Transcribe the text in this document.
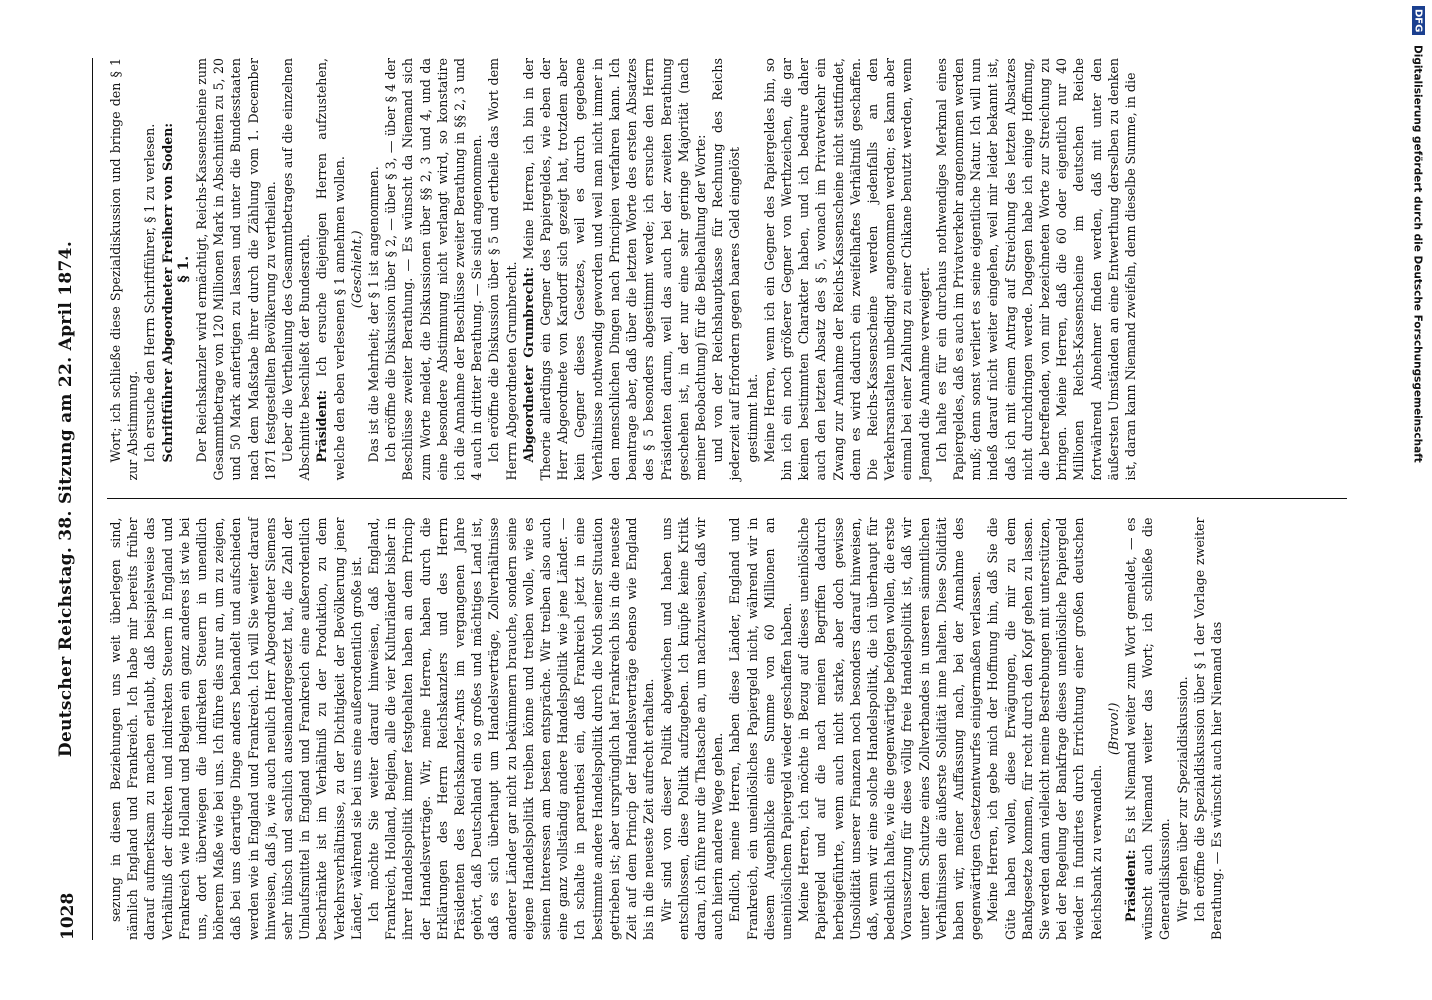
1028
Deutscher Reichstag. 38. Sitzung am 22. April 1874.	sezung in diesen Beziehungen uns weit überlegen sind, nämlich England und Frankreich. Ich habe mir bereits früher darauf aufmerksam zu machen erlaubt, daß beispielsweise das Verhältniß der direkten und indirekten Steuern in England und Frankreich wie Holland und Belgien ein ganz anderes ist wie bei uns, dort überwiegen die indirekten Steuern in unendlich höherem Maße wie bei uns. Ich führe dies nur an, um zu zeigen, daß bei uns derartige Dinge anders behandelt und aufschieden werden wie in England und Frankreich. Ich will Sie weiter darauf hinweisen, daß ja, wie auch neulich Herr Abgeordneter Siemens sehr hübsch und sachlich auseinandergesetzt hat, die Zahl der Umlaufsmittel in England und Frankreich eine außerordentlich beschränkte ist im Verhältniß zu der Produktion, zu dem Verkehrsverhältnisse, zu der Dichtigkeit der Bevölkerung jener Länder, während sie bei uns eine außerordentlich große ist. Ich möchte Sie weiter darauf hinweisen, daß England, Frankreich, Holland, Belgien, alle die vier Kulturländer bisher in ihrer Handelspolitik immer festgehalten haben an dem Princip der Handelsverträge. Wir, meine Herren, haben durch die Erklärungen des Herrn Reichskanzlers und des Herrn Präsidenten des Reichskanzler-Amts im vergangenen Jahre gehört, daß Deutschland ein so großes und mächtiges Land ist, daß es sich überhaupt um Handelsverträge, Zollverhältnisse anderer Länder gar nicht zu bekümmern brauche, sondern seine eigene Handelspolitik treiben könne und treiben wolle, wie es seinen Interessen am besten entspräche. Wir treiben also auch eine ganz vollständig andere Handelspolitik wie jene Länder. — Ich schalte in parenthesi ein, daß Frankreich jetzt in eine bestimmte andere Handelspolitik durch die Noth seiner Situation getrieben ist; aber ursprünglich hat Frankreich bis in die neueste Zeit auf dem Princip der Handelsverträge ebenso wie England bis in die neueste Zeit aufrecht erhalten. Wir sind von dieser Politik abgewichen und haben uns entschlossen, diese Politik aufzugeben. Ich knüpfe keine Kritik daran, ich führe nur die Thatsache an, um nachzuweisen, daß wir auch hierin andere Wege gehen. Endlich, meine Herren, haben diese Länder, England und Frankreich, ein uneinlösliches Papiergeld nicht, während wir in diesem Augenblicke eine Summe von 60 Millionen an uneinlöslichem Papiergeld wieder geschaffen haben. Meine Herren, ich möchte in Bezug auf dieses uneinlösliche Papiergeld und auf die nach meinen Begriffen dadurch herbeigeführte, wenn auch nicht starke, aber doch gewisse Unsolidität unserer Finanzen noch besonders darauf hinweisen, daß, wenn wir eine solche Handelspolitik, die ich überhaupt für bedenklich halte, wie die gegenwärtige befolgen wollen, die erste Voraussetzung für diese völlig freie Handelspolitik ist, daß wir unter dem Schutze eines Zollverbandes in unseren sämmtlichen Verhältnissen die äußerste Solidität inne halten. Diese Solidität haben wir, meiner Auffassung nach, bei der Annahme des gegenwärtigen Gesetzentwurfes einigermaßen verlassen. Meine Herren, ich gebe mich der Hoffnung hin, daß Sie die Güte haben wollen, diese Erwägungen, die mir zu dem Bankgesetze kommen, für recht durch den Kopf gehen zu lassen. Sie werden dann vielleicht meine Bestrebungen mit unterstützen, bei der Regelung der Bankfrage dieses uneinlösliche Papiergeld wieder in fundirtes durch Errichtung einer großen deutschen Reichsbank zu verwandeln.

(Bravo!)

Präsident: Es ist Niemand weiter zum Wort gemeldet, — es wünscht auch Niemand weiter das Wort; ich schließe die Generaldiskussion. Wir gehen über zur Spezialdiskussion. Ich eröffne die Spezialdiskussion über § 1 der Vorlage zweiter Berathung. — Es wünscht auch hier Niemand das

Wort; ich schließe diese Spezialdiskussion und bringe den § 1 zur Abstimmung. Ich ersuche den Herrn Schriftführer, § 1 zu verlesen. Schriftführer Abgeordneter Freiherr von Soden: § 1. Der Reichskanzler wird ermächtigt, Reichs-Kassenscheine zum Gesammtbetrage von 120 Millionen Mark in Abschnitten zu 5, 20 und 50 Mark anfertigen zu lassen und unter die Bundesstaaten nach dem Maßstabe ihrer durch die Zählung vom 1. December 1871 festgestellten Bevölkerung zu vertheilen. Ueber die Vertheilung des Gesammtbetrages auf die einzelnen Abschnitte beschließt der Bundesrath. Präsident: Ich ersuche diejenigen Herren aufzustehen, welche den eben verlesenen § 1 annehmen wollen. (Geschieht.) Das ist die Mehrheit; der § 1 ist angenommen. Ich eröffne die Diskussion über § 2, — über § 3, — über § 4 der Beschlüsse zweiter Berathung. — Es wünscht da Niemand sich zum Worte meldet, die Diskussionen über §§ 2, 3 und 4, und da eine besondere Abstimmung nicht verlangt wird, so konstatire ich die Annahme der Beschlüsse zweiter Berathung in §§ 2, 3 und 4 auch in dritter Berathung. — Sie sind angenommen. Ich eröffne die Diskussion über § 5 und ertheile das Wort dem Herrn Abgeordneten Grumbrecht. Abgeordneter Grumbrecht: Meine Herren, ich bin in der Theorie allerdings ein Gegner des Papiergeldes, wie eben der Herr Abgeordnete von Kardorff sich gezeigt hat, trotzdem aber kein Gegner dieses Gesetzes, weil es durch gegebene Verhältnisse nothwendig geworden und weil man nicht immer in den menschlichen Dingen nach Principien verfahren kann. Ich beantrage aber, daß über die letzten Worte des ersten Absatzes des § 5 besonders abgestimmt werde; ich ersuche den Herrn Präsidenten darum, weil das auch bei der zweiten Berathung geschehen ist, in der nur eine sehr geringe Majorität (nach meiner Beobachtung) für die Beibehaltung der Worte: und von der Reichshauptkasse für Rechnung des Reichs jederzeit auf Erfordern gegen baares Geld eingelöst gestimmt hat. Meine Herren, wenn ich ein Gegner des Papiergeldes bin, so bin ich ein noch größerer Gegner von Werthzeichen, die gar keinen bestimmten Charakter haben, und ich bedaure daher auch den letzten Absatz des § 5, wonach im Privatverkehr ein Zwang zur Annahme der Reichs-Kassenscheine nicht stattfindet, denn es wird dadurch ein zweifelhaftes Verhältniß geschaffen. Die Reichs-Kassenscheine werden jedenfalls an den Verkehrsanstalten unbedingt angenommen werden; es kann aber einmal bei einer Zahlung zu einer Chikane benutzt werden, wenn Jemand die Annahme verweigert. Ich halte es für ein durchaus nothwendiges Merkmal eines Papiergeldes, daß es auch im Privatverkehr angenommen werden muß; denn sonst verliert es seine eigentliche Natur. Ich will nun indeß darauf nicht weiter eingehen, weil mir leider bekannt ist, daß ich mit einem Antrag auf Streichung des letzten Absatzes nicht durchdringen werde. Dagegen habe ich einige Hoffnung, die betreffenden, von mir bezeichneten Worte zur Streichung zu bringen. Meine Herren, daß die 60 oder eigentlich nur 40 Millionen Reichs-Kassenscheine im deutschen Reiche fortwährend Abnehmer finden werden, daß mit unter den äußersten Umständen an eine Entwerthung derselben zu denken ist, daran kann Niemand zweifeln, denn dieselbe Summe, in die

DFG Digitalisierung gefördert durch die Deutsche Forschungsgemeinschaft
